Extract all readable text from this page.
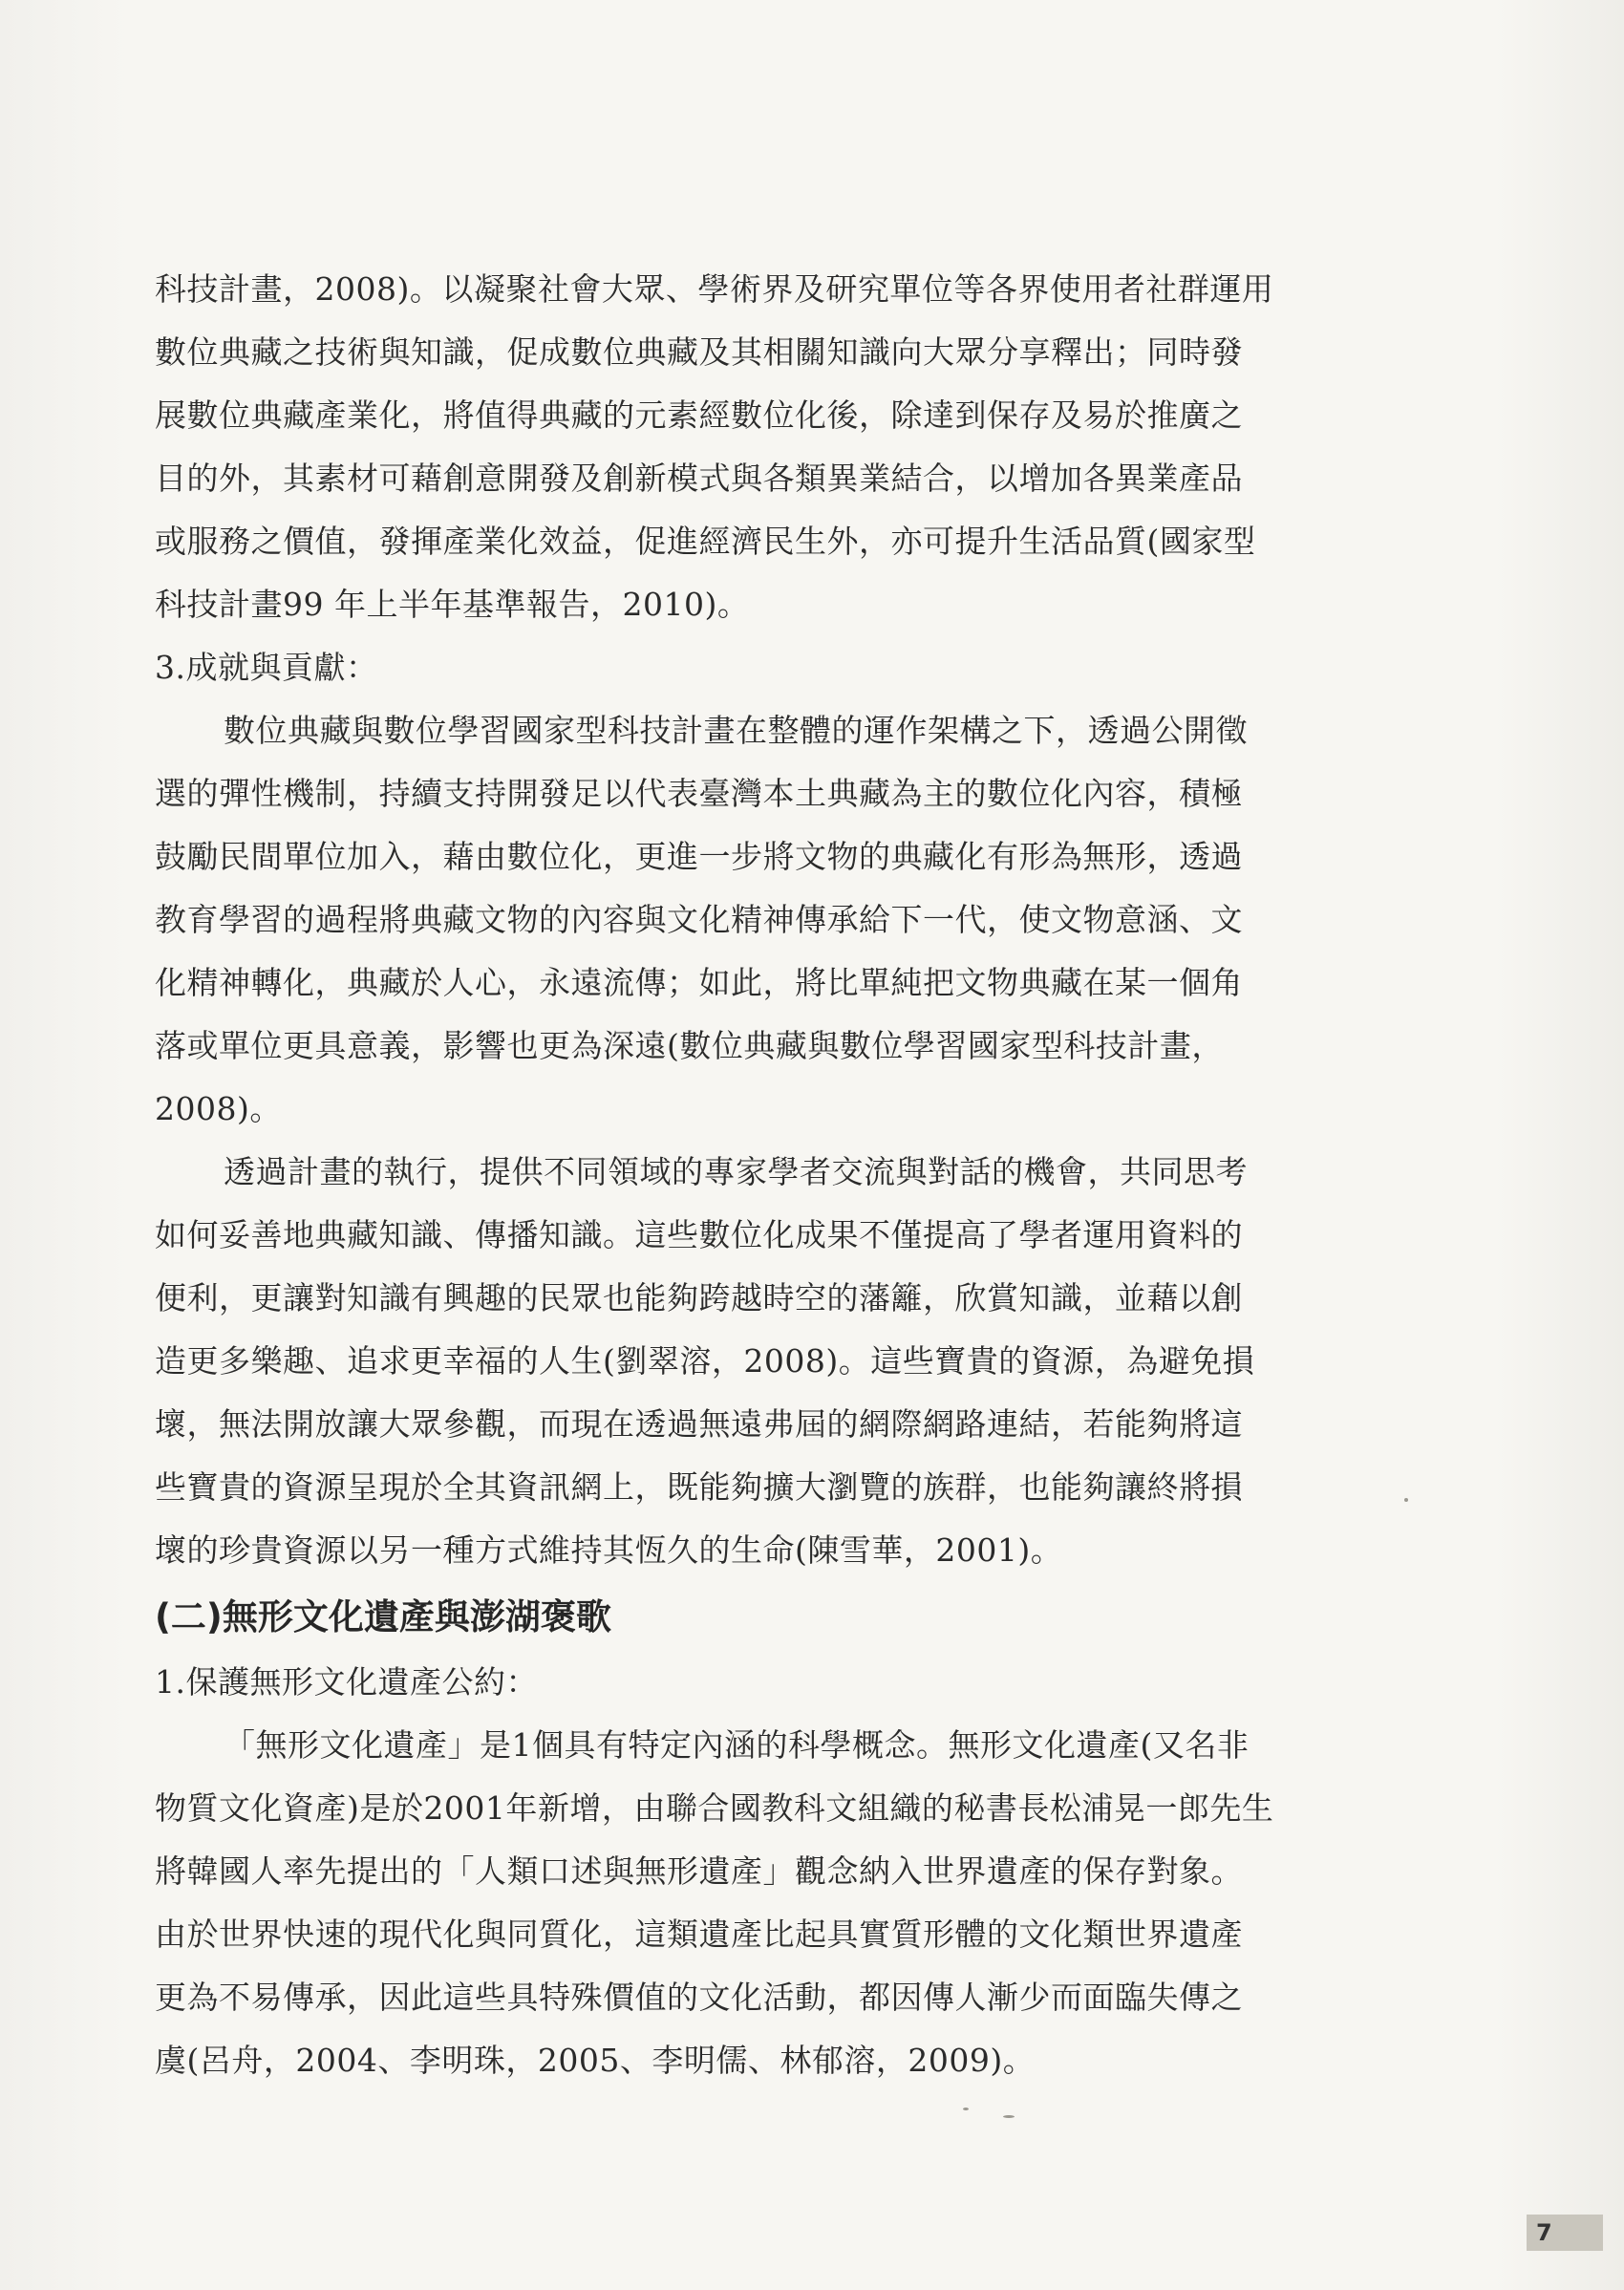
科技計畫，2008)。以凝聚社會大眾、學術界及研究單位等各界使用者社群運用
數位典藏之技術與知識，促成數位典藏及其相關知識向大眾分享釋出；同時發
展數位典藏產業化，將值得典藏的元素經數位化後，除達到保存及易於推廣之
目的外，其素材可藉創意開發及創新模式與各類異業結合，以增加各異業產品
或服務之價值，發揮產業化效益，促進經濟民生外，亦可提升生活品質(國家型
科技計畫99 年上半年基準報告，2010)。
3.成就與貢獻：
數位典藏與數位學習國家型科技計畫在整體的運作架構之下，透過公開徵
選的彈性機制，持續支持開發足以代表臺灣本土典藏為主的數位化內容，積極
鼓勵民間單位加入，藉由數位化，更進一步將文物的典藏化有形為無形，透過
教育學習的過程將典藏文物的內容與文化精神傳承給下一代，使文物意涵、文
化精神轉化，典藏於人心，永遠流傳；如此，將比單純把文物典藏在某一個角
落或單位更具意義，影響也更為深遠(數位典藏與數位學習國家型科技計畫，
2008)。
透過計畫的執行，提供不同領域的專家學者交流與對話的機會，共同思考
如何妥善地典藏知識、傳播知識。這些數位化成果不僅提高了學者運用資料的
便利，更讓對知識有興趣的民眾也能夠跨越時空的藩籬，欣賞知識，並藉以創
造更多樂趣、追求更幸福的人生(劉翠溶，2008)。這些寶貴的資源，為避免損
壞，無法開放讓大眾參觀，而現在透過無遠弗屆的網際網路連結，若能夠將這
些寶貴的資源呈現於全其資訊網上，既能夠擴大瀏覽的族群，也能夠讓終將損
壞的珍貴資源以另一種方式維持其恆久的生命(陳雪華，2001)。
(二)無形文化遺產與澎湖褒歌
1.保護無形文化遺產公約：
「無形文化遺產」是1個具有特定內涵的科學概念。無形文化遺產(又名非
物質文化資產)是於2001年新增，由聯合國教科文組織的秘書長松浦晃一郎先生
將韓國人率先提出的「人類口述與無形遺產」觀念納入世界遺產的保存對象。
由於世界快速的現代化與同質化，這類遺產比起具實質形體的文化類世界遺產
更為不易傳承，因此這些具特殊價值的文化活動，都因傳人漸少而面臨失傳之
虞(呂舟，2004、李明珠，2005、李明儒、林郁溶，2009)。
7
